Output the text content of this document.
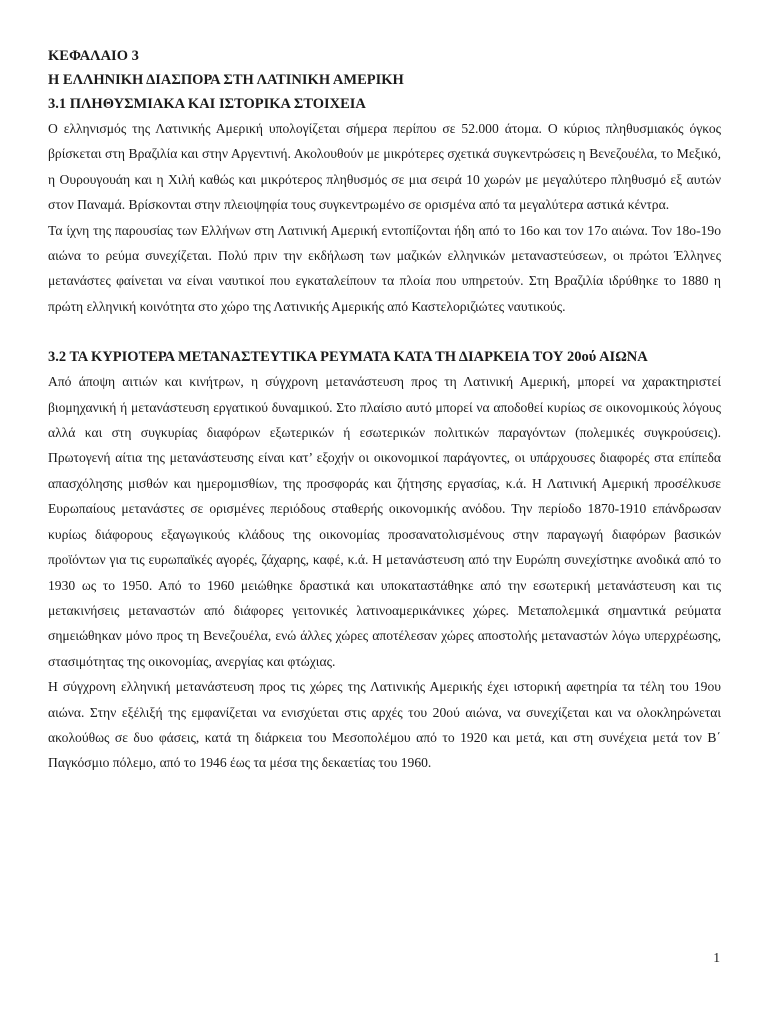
ΚΕΦΑΛΑΙΟ 3

Η ΕΛΛΗΝΙΚΗ ΔΙΑΣΠΟΡΑ ΣΤΗ ΛΑΤΙΝΙΚΗ ΑΜΕΡΙΚΗ

3.1 ΠΛΗΘΥΣΜΙΑΚΑ ΚΑΙ ΙΣΤΟΡΙΚΑ ΣΤΟΙΧΕΙΑ

Ο ελληνισμός της Λατινικής Αμερική υπολογίζεται σήμερα περίπου σε 52.000 άτομα. Ο κύριος πληθυσμιακός όγκος βρίσκεται στη Βραζιλία και στην Αργεντινή. Ακολουθούν με μικρότερες σχετικά συγκεντρώσεις η Βενεζουέλα, το Μεξικό, η Ουρουγουάη και η Χιλή καθώς και μικρότερος πληθυσμός σε μια σειρά 10 χωρών με μεγαλύτερο πληθυσμό εξ αυτών στον Παναμά. Βρίσκονται στην πλειοψηφία τους συγκεντρωμένο σε ορισμένα από τα μεγαλύτερα αστικά κέντρα.

Τα ίχνη της παρουσίας των Ελλήνων στη Λατινική Αμερική εντοπίζονται ήδη από το 16ο και τον 17ο αιώνα. Τον 18ο-19ο αιώνα το ρεύμα συνεχίζεται. Πολύ πριν την εκδήλωση των μαζικών ελληνικών μεταναστεύσεων, οι πρώτοι Έλληνες μετανάστες φαίνεται να είναι ναυτικοί που εγκαταλείπουν τα πλοία που υπηρετούν. Στη Βραζιλία ιδρύθηκε το 1880 η πρώτη ελληνική κοινότητα στο χώρο της Λατινικής Αμερικής από Καστελοριζιώτες ναυτικούς.

3.2 ΤΑ ΚΥΡΙΟΤΕΡΑ ΜΕΤΑΝΑΣΤΕΥΤΙΚΑ ΡΕΥΜΑΤΑ ΚΑΤΑ ΤΗ ΔΙΑΡΚΕΙΑ ΤΟΥ 20ού ΑΙΩΝΑ

Από άποψη αιτιών και κινήτρων, η σύγχρονη μετανάστευση προς τη Λατινική Αμερική, μπορεί να χαρακτηριστεί βιομηχανική ή μετανάστευση εργατικού δυναμικού. Στο πλαίσιο αυτό μπορεί να αποδοθεί κυρίως σε οικονομικούς λόγους αλλά και στη συγκυρίας διαφόρων εξωτερικών ή εσωτερικών πολιτικών παραγόντων (πολεμικές συγκρούσεις). Πρωτογενή αίτια της μετανάστευσης είναι κατ’ εξοχήν οι οικονομικοί παράγοντες, οι υπάρχουσες διαφορές στα επίπεδα απασχόλησης μισθών και ημερομισθίων, της προσφοράς και ζήτησης εργασίας, κ.ά. Η Λατινική Αμερική προσέλκυσε Ευρωπαίους μετανάστες σε ορισμένες περιόδους σταθερής οικονομικής ανόδου. Την περίοδο 1870-1910 επάνδρωσαν κυρίως διάφορους εξαγωγικούς κλάδους της οικονομίας προσανατολισμένους στην παραγωγή διαφόρων βασικών προϊόντων για τις ευρωπαϊκές αγορές, ζάχαρης, καφέ, κ.ά. Η μετανάστευση από την Ευρώπη συνεχίστηκε ανοδικά από το 1930 ως το 1950. Από το 1960 μειώθηκε δραστικά και υποκαταστάθηκε από την εσωτερική μετανάστευση και τις μετακινήσεις μεταναστών από διάφορες γειτονικές λατινοαμερικάνικες χώρες. Μεταπολεμικά σημαντικά ρεύματα σημειώθηκαν μόνο προς τη Βενεζουέλα, ενώ άλλες χώρες αποτέλεσαν χώρες αποστολής μεταναστών λόγω υπερχρέωσης, στασιμότητας της οικονομίας, ανεργίας και φτώχιας.

Η σύγχρονη ελληνική μετανάστευση προς τις χώρες της Λατινικής Αμερικής έχει ιστορική αφετηρία τα τέλη του 19ου αιώνα. Στην εξέλιξή της εμφανίζεται να ενισχύεται στις αρχές του 20ού αιώνα, να συνεχίζεται και να ολοκληρώνεται ακολούθως σε δυο φάσεις, κατά τη διάρκεια του Μεσοπολέμου από το 1920 και μετά, και στη συνέχεια μετά τον Β΄ Παγκόσμιο πόλεμο, από το 1946 έως τα μέσα της δεκαετίας του 1960.

1
